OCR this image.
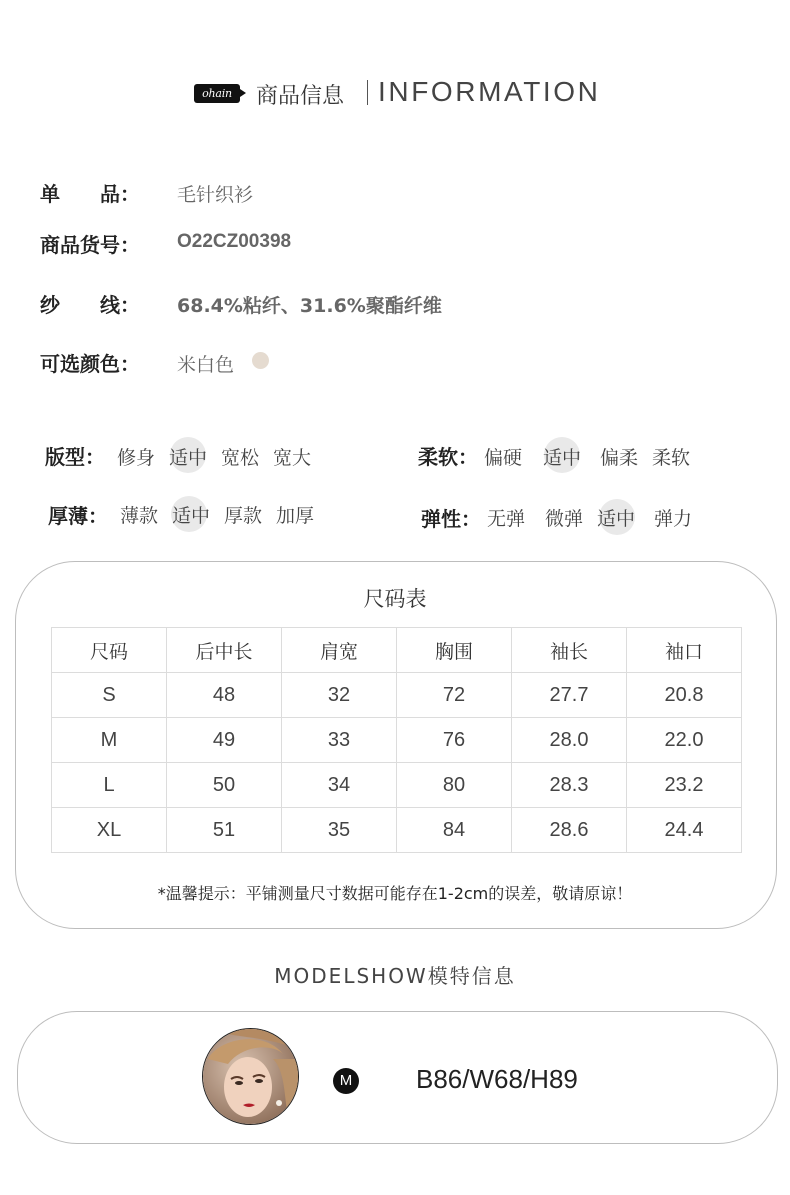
ohain	商品信息 INFORMATION
单　　品： 毛针织衫
商品货号： O22CZ00398
纱　　线： 68.4%粘纤、31.6%聚酯纤维
可选颜色： 米白色
版型： 修身 适中 宽松 宽大	柔软： 偏硬 适中 偏柔 柔软
厚薄： 薄款 适中 厚款 加厚	弹性： 无弹 微弹 适中 弹力
尺码表
尺码	后中长	肩宽	胸围	袖长	袖口
S	48	32	72	27.7	20.8
M	49	33	76	28.0	22.0
L	50	34	80	28.3	23.2
XL	51	35	84	28.6	24.4
*温馨提示：平铺测量尺寸数据可能存在1-2cm的误差，敬请原谅！
MODELSHOW模特信息
M B86/W68/H89
